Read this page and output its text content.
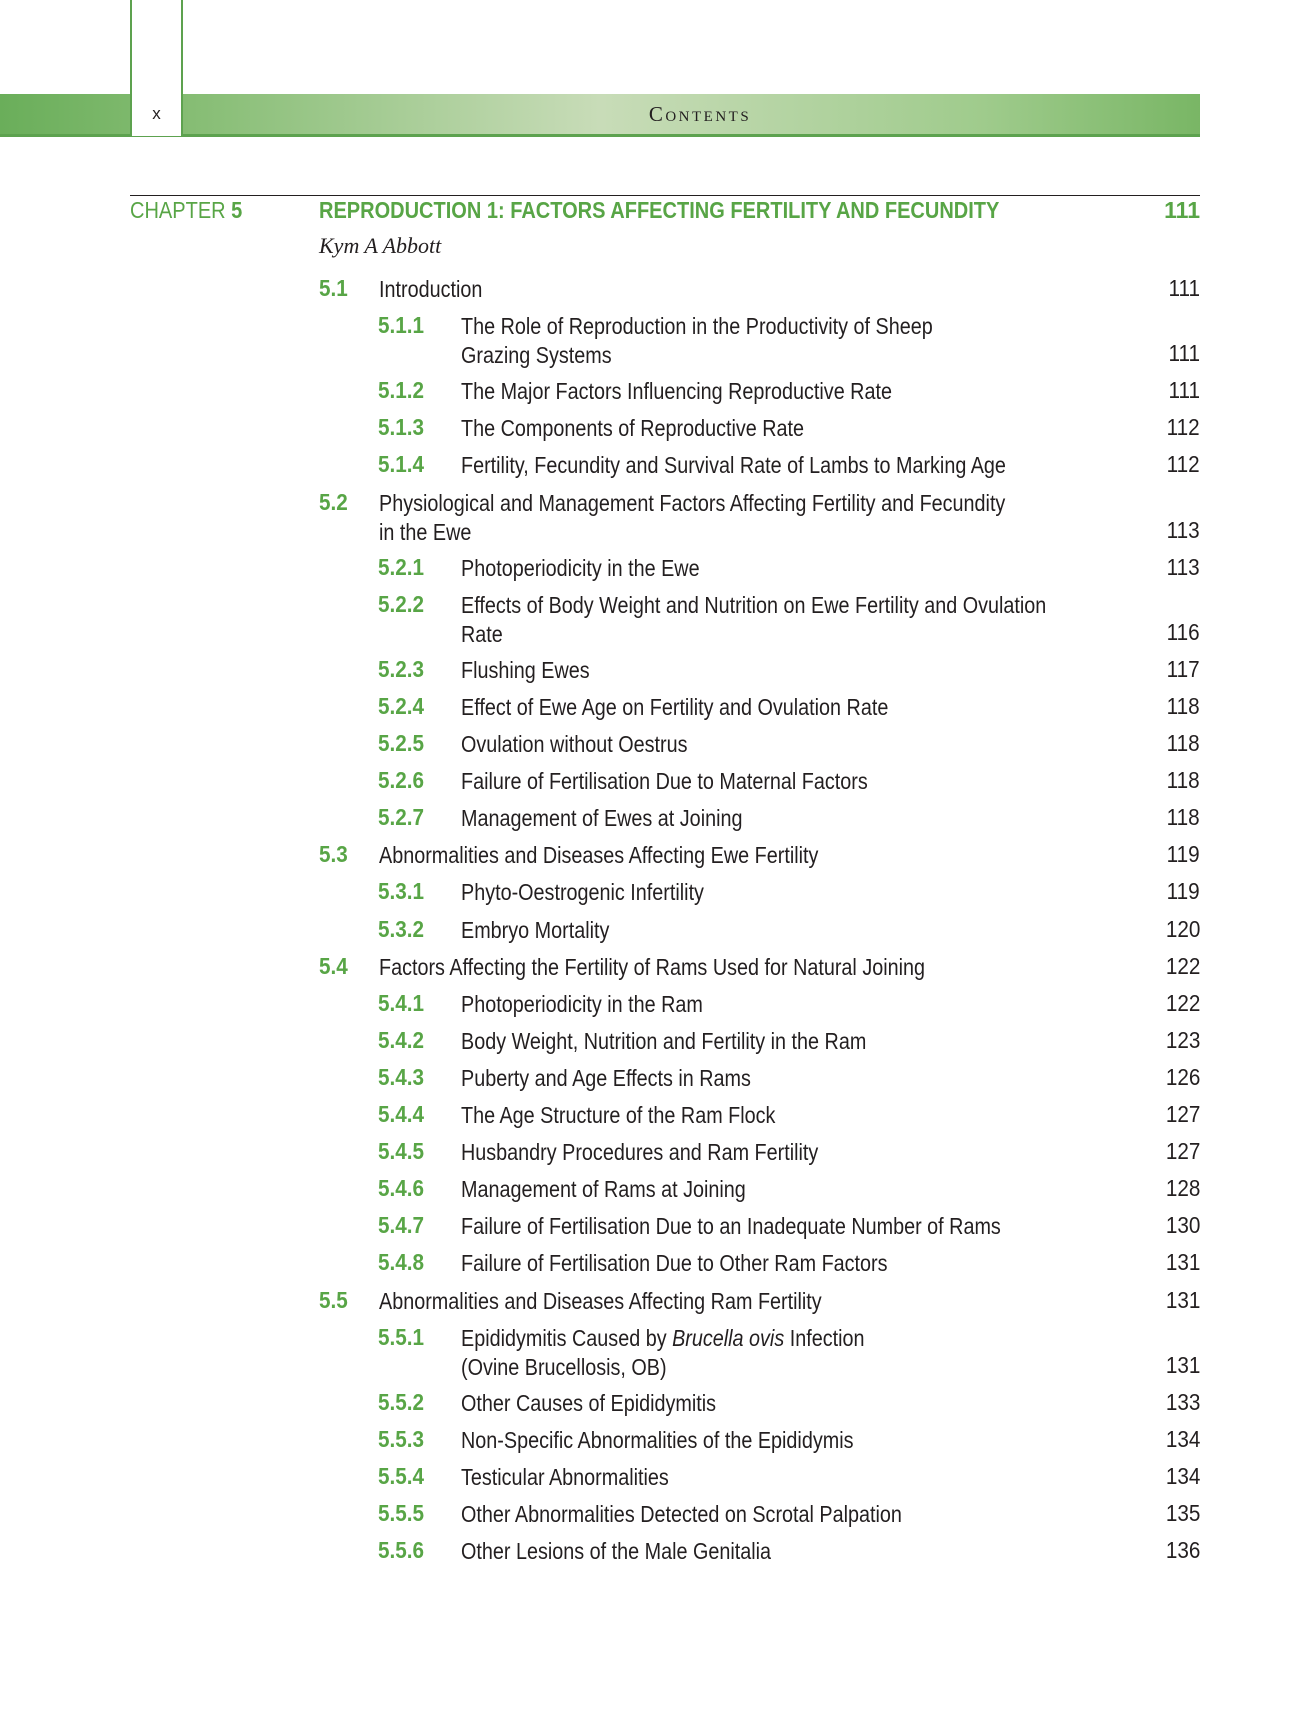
x	Contents
CHAPTER 5	REPRODUCTION 1: FACTORS AFFECTING FERTILITY AND FECUNDITY	111
Kym A Abbott
5.1 Introduction	111
5.1.1 The Role of Reproduction in the Productivity of Sheep
Grazing Systems	111
5.1.2 The Major Factors Influencing Reproductive Rate	111
5.1.3 The Components of Reproductive Rate	112
5.1.4 Fertility, Fecundity and Survival Rate of Lambs to Marking Age	112
5.2 Physiological and Management Factors Affecting Fertility and Fecundity
in the Ewe	113
5.2.1 Photoperiodicity in the Ewe	113
5.2.2 Effects of Body Weight and Nutrition on Ewe Fertility and Ovulation
Rate	116
5.2.3 Flushing Ewes	117
5.2.4 Effect of Ewe Age on Fertility and Ovulation Rate	118
5.2.5 Ovulation without Oestrus	118
5.2.6 Failure of Fertilisation Due to Maternal Factors	118
5.2.7 Management of Ewes at Joining	118
5.3 Abnormalities and Diseases Affecting Ewe Fertility	119
5.3.1 Phyto-Oestrogenic Infertility	119
5.3.2 Embryo Mortality	120
5.4 Factors Affecting the Fertility of Rams Used for Natural Joining	122
5.4.1 Photoperiodicity in the Ram	122
5.4.2 Body Weight, Nutrition and Fertility in the Ram	123
5.4.3 Puberty and Age Effects in Rams	126
5.4.4 The Age Structure of the Ram Flock	127
5.4.5 Husbandry Procedures and Ram Fertility	127
5.4.6 Management of Rams at Joining	128
5.4.7 Failure of Fertilisation Due to an Inadequate Number of Rams	130
5.4.8 Failure of Fertilisation Due to Other Ram Factors	131
5.5 Abnormalities and Diseases Affecting Ram Fertility	131
5.5.1 Epididymitis Caused by Brucella ovis Infection
(Ovine Brucellosis, OB)	131
5.5.2 Other Causes of Epididymitis	133
5.5.3 Non-Specific Abnormalities of the Epididymis	134
5.5.4 Testicular Abnormalities	134
5.5.5 Other Abnormalities Detected on Scrotal Palpation	135
5.5.6 Other Lesions of the Male Genitalia	136
